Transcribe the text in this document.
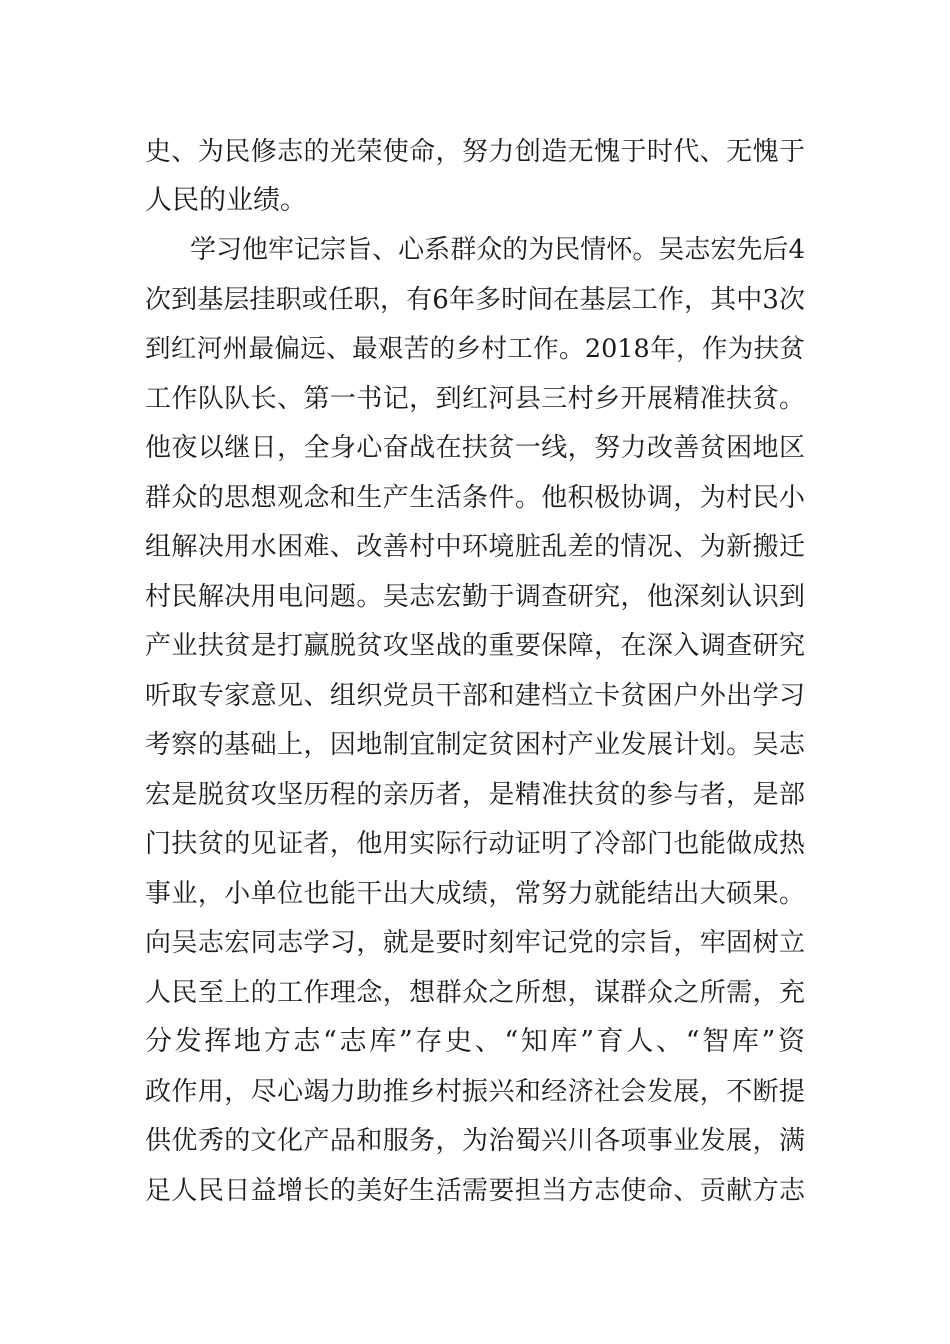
史、为民修志的光荣使命，努力创造无愧于时代、无愧于
人民的业绩。
学习他牢记宗旨、心系群众的为民情怀。吴志宏先后4
次到基层挂职或任职，有6年多时间在基层工作，其中3次
到红河州最偏远、最艰苦的乡村工作。2018年，作为扶贫
工作队队长、第一书记，到红河县三村乡开展精准扶贫。
他夜以继日，全身心奋战在扶贫一线，努力改善贫困地区
群众的思想观念和生产生活条件。他积极协调，为村民小
组解决用水困难、改善村中环境脏乱差的情况、为新搬迁
村民解决用电问题。吴志宏勤于调查研究，他深刻认识到
产业扶贫是打赢脱贫攻坚战的重要保障，在深入调查研究
听取专家意见、组织党员干部和建档立卡贫困户外出学习
考察的基础上，因地制宜制定贫困村产业发展计划。吴志
宏是脱贫攻坚历程的亲历者，是精准扶贫的参与者，是部
门扶贫的见证者，他用实际行动证明了冷部门也能做成热
事业，小单位也能干出大成绩，常努力就能结出大硕果。
向吴志宏同志学习，就是要时刻牢记党的宗旨，牢固树立
人民至上的工作理念，想群众之所想，谋群众之所需，充
分发挥地方志“志库”存史、“知库”育人、“智库”资
政作用，尽心竭力助推乡村振兴和经济社会发展，不断提
供优秀的文化产品和服务，为治蜀兴川各项事业发展，满
足人民日益增长的美好生活需要担当方志使命、贡献方志
